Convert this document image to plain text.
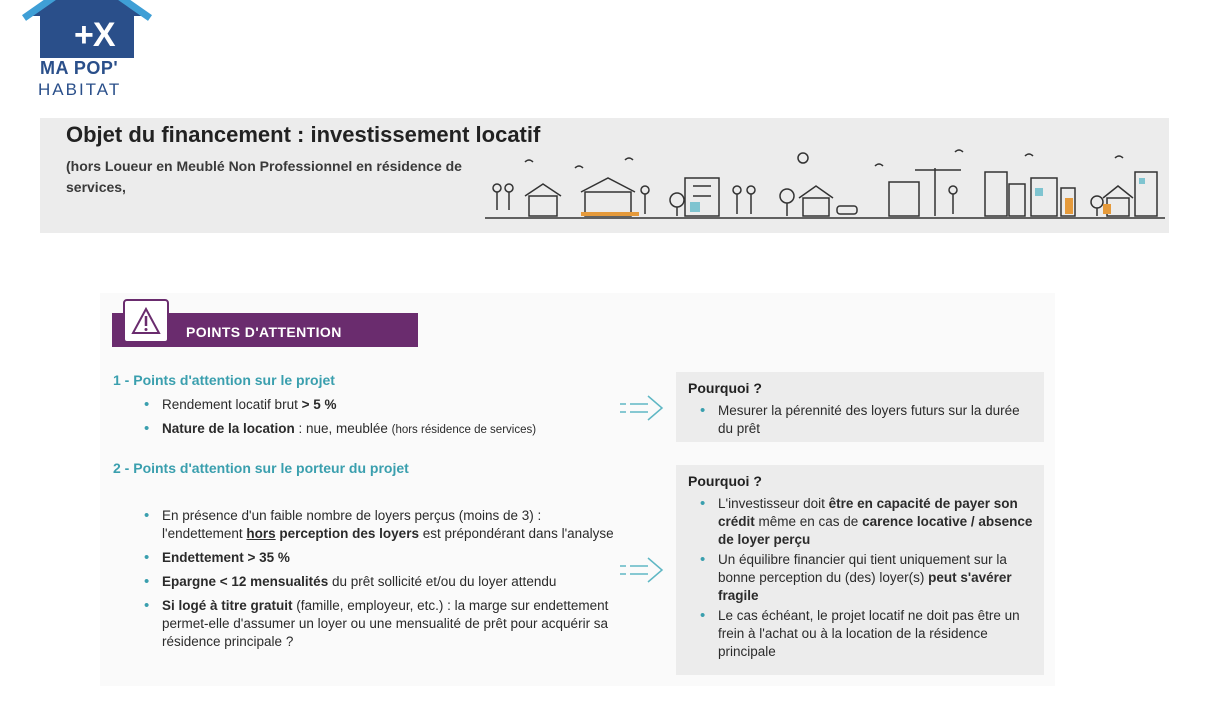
+X
MA POP'
HABITAT
Objet du financement : investissement locatif
(hors Loueur en Meublé Non Professionnel en résidence de services,
POINTS D'ATTENTION
1 - Points d'attention sur le projet
• Rendement locatif brut > 5 %
• Nature de la location : nue, meublée (hors résidence de services)
2 - Points d'attention sur le porteur du projet
• En présence d'un faible nombre de loyers perçus (moins de 3) : l'endettement hors perception des loyers est prépondérant dans l'analyse
• Endettement > 35 %
• Epargne < 12 mensualités du prêt sollicité et/ou du loyer attendu
• Si logé à titre gratuit (famille, employeur, etc.) : la marge sur endettement permet-elle d'assumer un loyer ou une mensualité de prêt pour acquérir sa résidence principale ?
Pourquoi ?
• Mesurer la pérennité des loyers futurs sur la durée du prêt
Pourquoi ?
• L'investisseur doit être en capacité de payer son crédit même en cas de carence locative / absence de loyer perçu
• Un équilibre financier qui tient uniquement sur la bonne perception du (des) loyer(s) peut s'avérer fragile
• Le cas échéant, le projet locatif ne doit pas être un frein à l'achat ou à la location de la résidence principale
